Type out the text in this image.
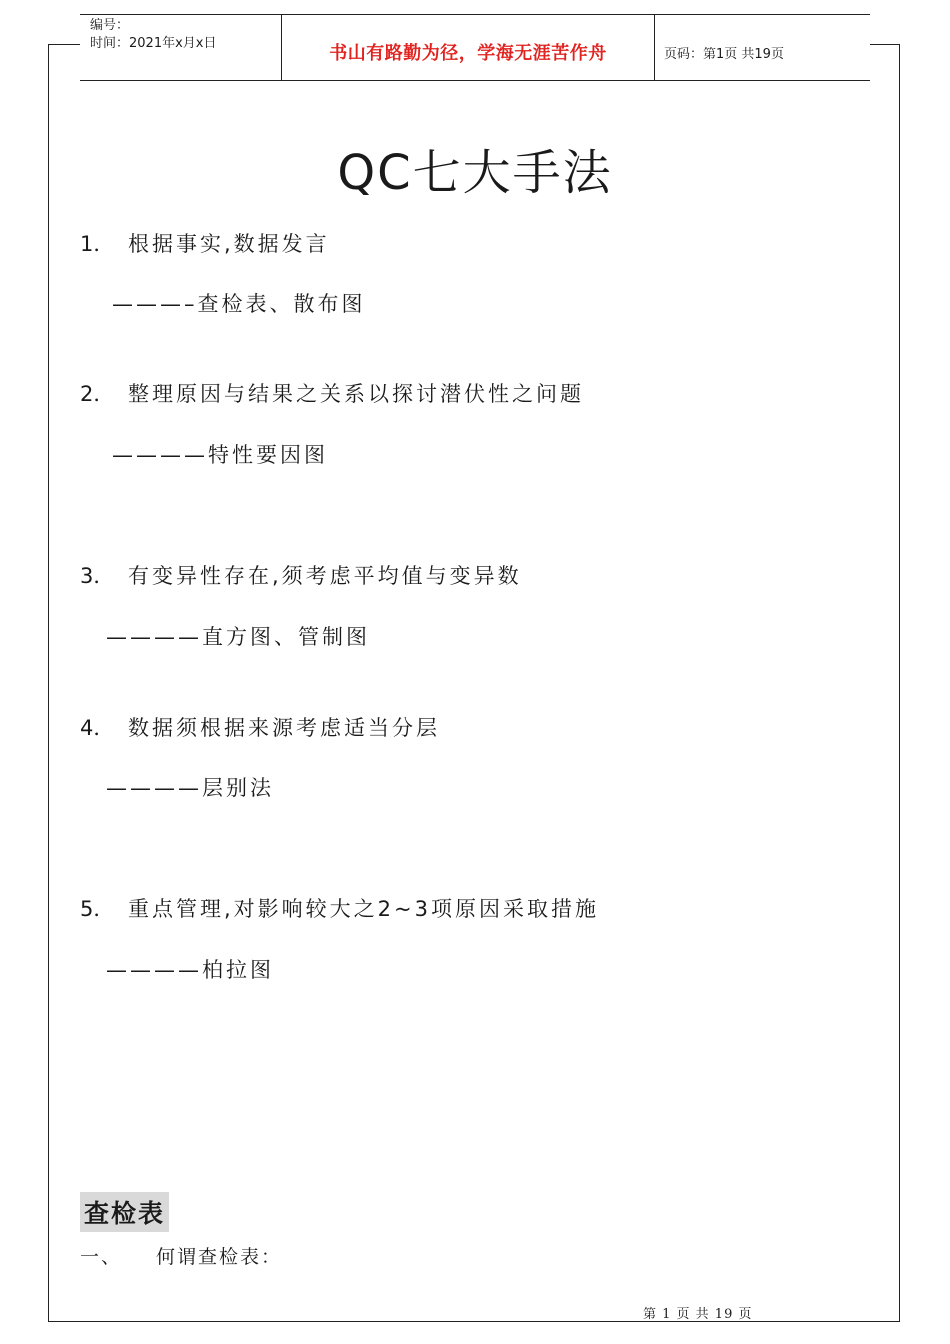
编号：
时间：2021年x月x日	书山有路勤为径，学海无涯苦作舟	页码：第1页 共19页
QC七大手法
1． 根据事实,数据发言
———–查检表、散布图
2． 整理原因与结果之关系以探讨潜伏性之问题
————特性要因图
3． 有变异性存在,须考虑平均值与变异数
————直方图、管制图
4． 数据须根据来源考虑适当分层
————层别法
5． 重点管理,对影响较大之2~3项原因采取措施
————柏拉图
查检表
一、 何谓查检表：
第 1 页 共 19 页
